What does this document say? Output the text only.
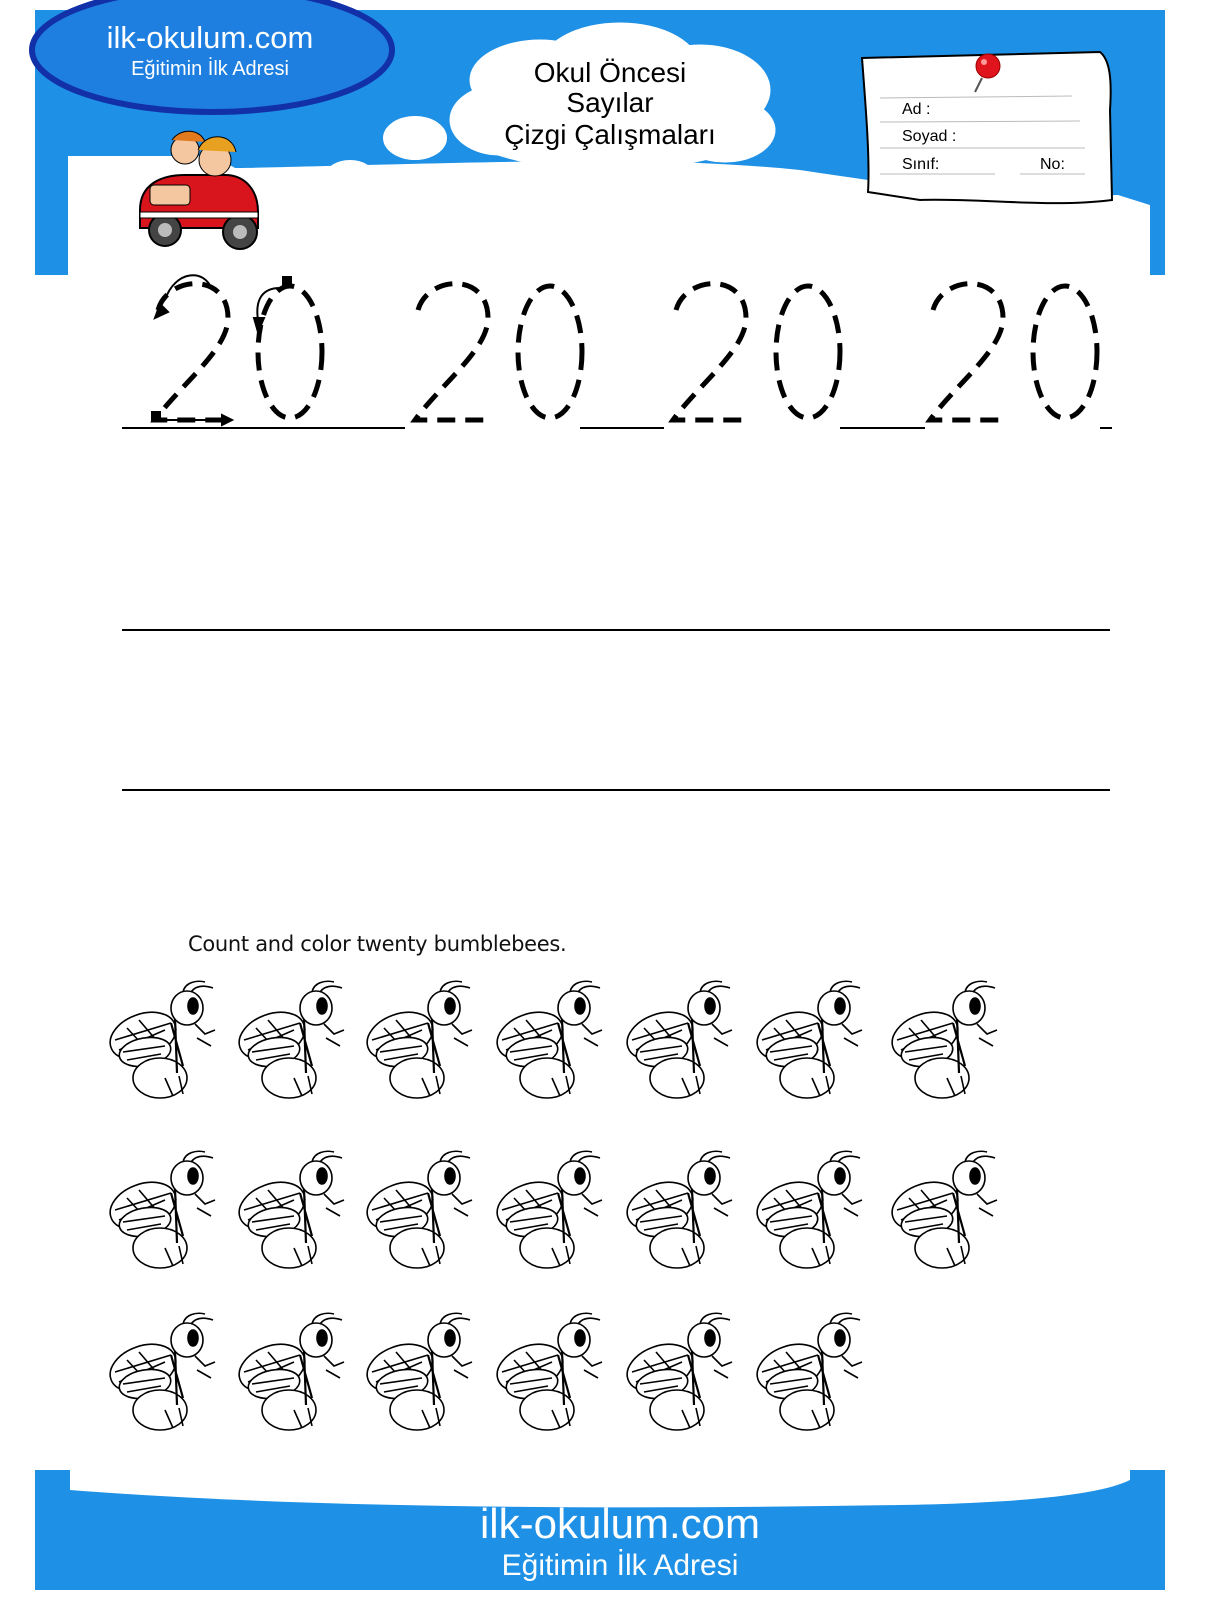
ilk-okulum.com
Eğitimin İlk Adresi	Okul Öncesi
Sayılar
Çizgi Çalışmaları
Ad :
Soyad :
Sınıf:	No:
Count and color twenty bumblebees.
ilk-okulum.com
Eğitimin İlk Adresi
